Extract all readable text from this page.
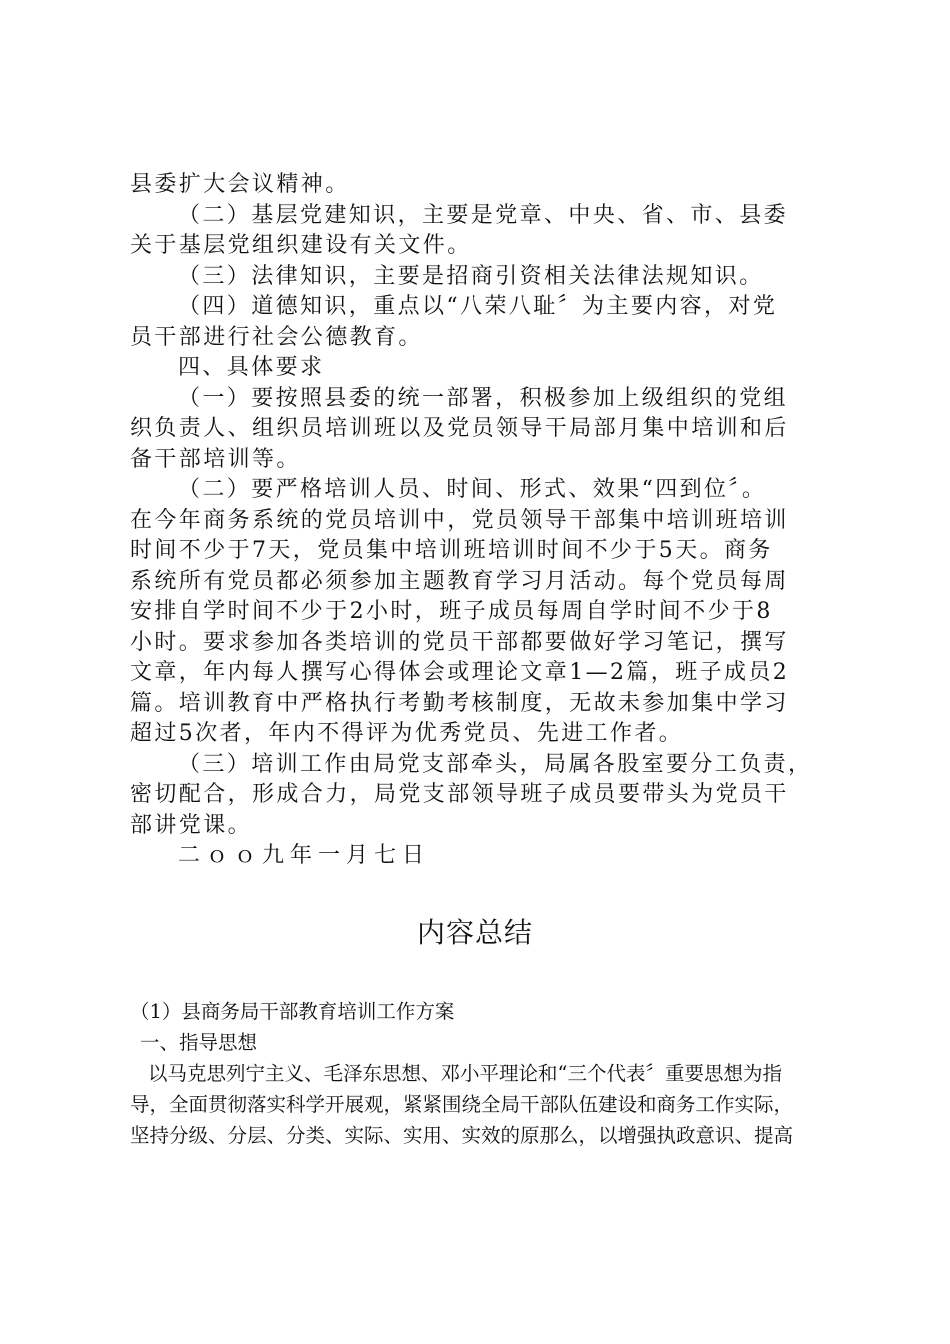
县委扩大会议精神。
（二）基层党建知识，主要是党章、中央、省、市、县委
关于基层党组织建设有关文件。
（三）法律知识，主要是招商引资相关法律法规知识。
（四）道德知识，重点以“八荣八耻〞为主要内容，对党
员干部进行社会公德教育。
四、具体要求
（一）要按照县委的统一部署，积极参加上级组织的党组
织负责人、组织员培训班以及党员领导干局部月集中培训和后
备干部培训等。
（二）要严格培训人员、时间、形式、效果“四到位〞。
在今年商务系统的党员培训中，党员领导干部集中培训班培训
时间不少于7天，党员集中培训班培训时间不少于5天。商务
系统所有党员都必须参加主题教育学习月活动。每个党员每周
安排自学时间不少于2小时，班子成员每周自学时间不少于8
小时。要求参加各类培训的党员干部都要做好学习笔记，撰写
文章，年内每人撰写心得体会或理论文章1—2篇，班子成员2
篇。培训教育中严格执行考勤考核制度，无故未参加集中学习
超过5次者，年内不得评为优秀党员、先进工作者。
（三）培训工作由局党支部牵头，局属各股室要分工负责，
密切配合，形成合力，局党支部领导班子成员要带头为党员干
部讲党课。
二ｏｏ九年一月七日
内容总结
（1）县商务局干部教育培训工作方案
一、指导思想
以马克思列宁主义、毛泽东思想、邓小平理论和“三个代表〞重要思想为指
导，全面贯彻落实科学开展观，紧紧围绕全局干部队伍建设和商务工作实际，
坚持分级、分层、分类、实际、实用、实效的原那么，以增强执政意识、提高
